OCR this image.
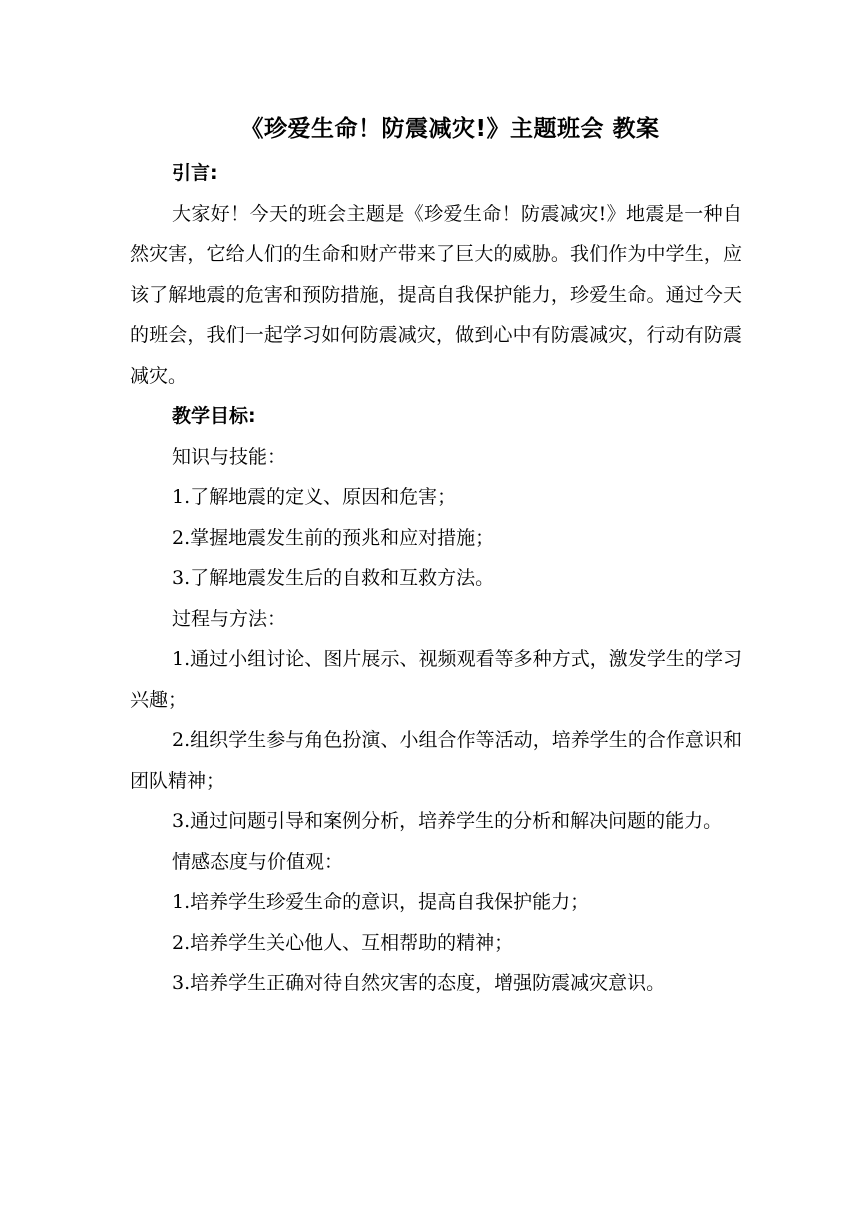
《珍爱生命！防震减灾!》主题班会 教案

引言:

大家好！今天的班会主题是《珍爱生命！防震减灾!》地震是一种自然灾害，它给人们的生命和财产带来了巨大的威胁。我们作为中学生，应该了解地震的危害和预防措施，提高自我保护能力，珍爱生命。通过今天的班会，我们一起学习如何防震减灾，做到心中有防震减灾，行动有防震减灾。

教学目标:

知识与技能：

1.了解地震的定义、原因和危害；

2.掌握地震发生前的预兆和应对措施；

3.了解地震发生后的自救和互救方法。

过程与方法：

1.通过小组讨论、图片展示、视频观看等多种方式，激发学生的学习兴趣；

2.组织学生参与角色扮演、小组合作等活动，培养学生的合作意识和团队精神；

3.通过问题引导和案例分析，培养学生的分析和解决问题的能力。

情感态度与价值观：

1.培养学生珍爱生命的意识，提高自我保护能力；

2.培养学生关心他人、互相帮助的精神；

3.培养学生正确对待自然灾害的态度，增强防震减灾意识。
